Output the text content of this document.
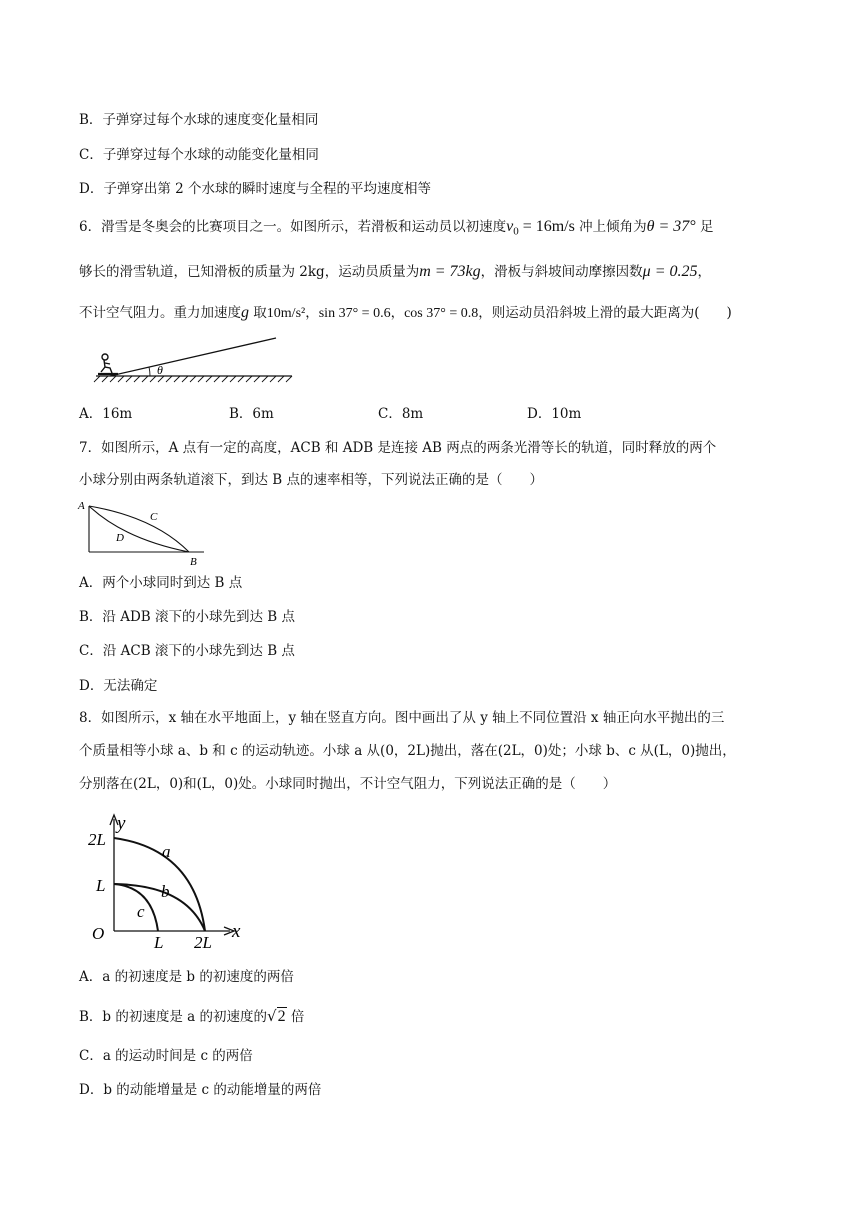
B．子弹穿过每个水球的速度变化量相同
C．子弹穿过每个水球的动能变化量相同
D．子弹穿出第 2 个水球的瞬时速度与全程的平均速度相等
6．滑雪是冬奥会的比赛项目之一。如图所示，若滑板和运动员以初速度$v_0 = 16m/s$ 冲上倾角为θ = 37° 足
够长的滑雪轨道，已知滑板的质量为 2kg，运动员质量为m = 73kg，滑板与斜坡间动摩擦因数μ = 0.25，
不计空气阻力。重力加速度g 取10m/s²，sin 37° = 0.6，cos 37° = 0.8，则运动员沿斜坡上滑的最大距离为(　　)
θ
A．16m	B．6m	C．8m	D．10m
7．如图所示，A 点有一定的高度，ACB 和 ADB 是连接 AB 两点的两条光滑等长的轨道，同时释放的两个
小球分别由两条轨道滚下，到达 B 点的速率相等，下列说法正确的是（　　）
A
B
C
D
A．两个小球同时到达 B 点
B．沿 ADB 滚下的小球先到达 B 点
C．沿 ACB 滚下的小球先到达 B 点
D．无法确定
8．如图所示，x 轴在水平地面上，y 轴在竖直方向。图中画出了从 y 轴上不同位置沿 x 轴正向水平抛出的三
个质量相等小球 a、b 和 c 的运动轨迹。小球 a 从(0，2L)抛出，落在(2L，0)处；小球 b、c 从(L，0)抛出，
分别落在(2L，0)和(L，0)处。小球同时抛出，不计空气阻力，下列说法正确的是（　　）
y
x
O
2L
L
L 2L
a
b
c
A．a 的初速度是 b 的初速度的两倍
B．b 的初速度是 a 的初速度的√2 倍
C．a 的运动时间是 c 的两倍
D．b 的动能增量是 c 的动能增量的两倍
